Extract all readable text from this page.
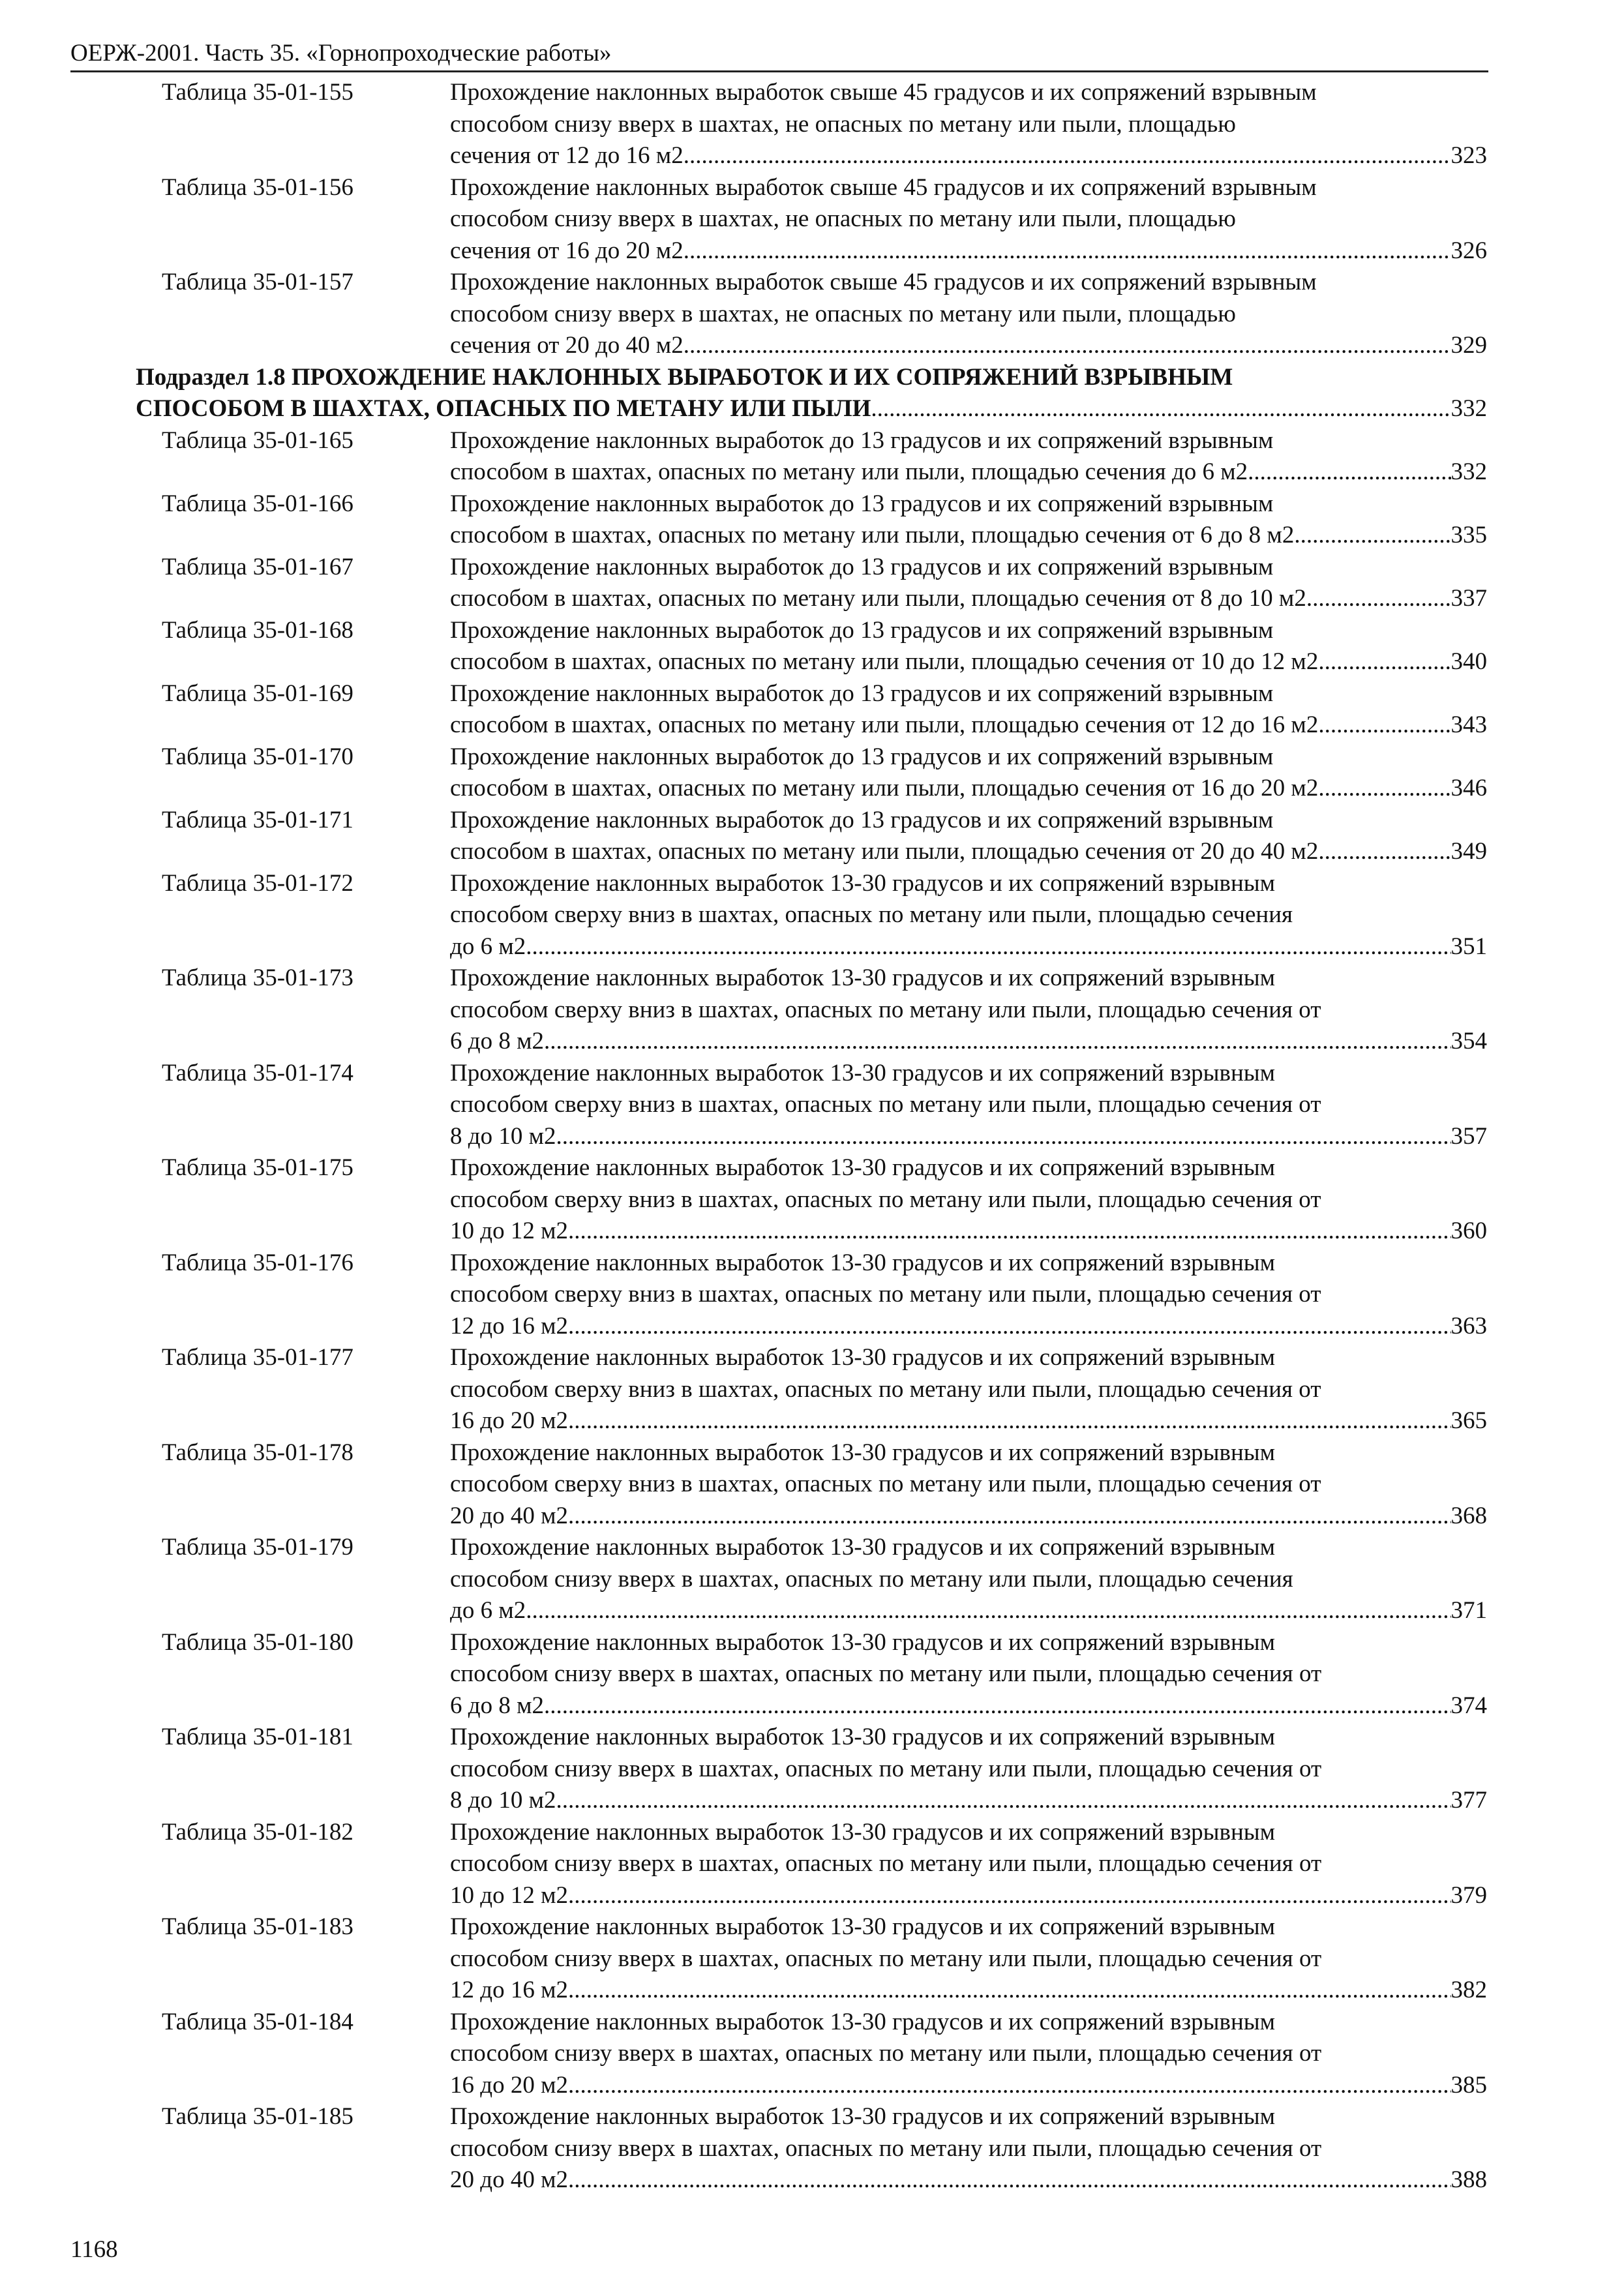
ОЕРЖ-2001. Часть 35. «Горнопроходческие работы»
Таблица 35-01-155	Прохождение наклонных выработок свыше 45 градусов и их сопряжений взрывным
способом снизу вверх в шахтах, не опасных по метану или пыли, площадью
сечения от 12 до 16 м2 .....	323
Таблица 35-01-156	Прохождение наклонных выработок свыше 45 градусов и их сопряжений взрывным
способом снизу вверх в шахтах, не опасных по метану или пыли, площадью
сечения от 16 до 20 м2 .....	326
Таблица 35-01-157	Прохождение наклонных выработок свыше 45 градусов и их сопряжений взрывным
способом снизу вверх в шахтах, не опасных по метану или пыли, площадью
сечения от 20 до 40 м2 .....	329
Подраздел 1.8 ПРОХОЖДЕНИЕ НАКЛОННЫХ ВЫРАБОТОК И ИХ СОПРЯЖЕНИЙ ВЗРЫВНЫМ
СПОСОБОМ В ШАХТАХ, ОПАСНЫХ ПО МЕТАНУ ИЛИ ПЫЛИ .....	332
Таблица 35-01-165	Прохождение наклонных выработок до 13 градусов и их сопряжений взрывным
способом в шахтах, опасных по метану или пыли, площадью сечения до 6 м2 .....	332
Таблица 35-01-166	Прохождение наклонных выработок до 13 градусов и их сопряжений взрывным
способом в шахтах, опасных по метану или пыли, площадью сечения от 6 до 8 м2 .....	335
Таблица 35-01-167	Прохождение наклонных выработок до 13 градусов и их сопряжений взрывным
способом в шахтах, опасных по метану или пыли, площадью сечения от 8 до 10 м2 .....	337
Таблица 35-01-168	Прохождение наклонных выработок до 13 градусов и их сопряжений взрывным
способом в шахтах, опасных по метану или пыли, площадью сечения от 10 до 12 м2 .....	340
Таблица 35-01-169	Прохождение наклонных выработок до 13 градусов и их сопряжений взрывным
способом в шахтах, опасных по метану или пыли, площадью сечения от 12 до 16 м2 .....	343
Таблица 35-01-170	Прохождение наклонных выработок до 13 градусов и их сопряжений взрывным
способом в шахтах, опасных по метану или пыли, площадью сечения от 16 до 20 м2 .....	346
Таблица 35-01-171	Прохождение наклонных выработок до 13 градусов и их сопряжений взрывным
способом в шахтах, опасных по метану или пыли, площадью сечения от 20 до 40 м2 .....	349
Таблица 35-01-172	Прохождение наклонных выработок 13-30 градусов и их сопряжений взрывным
способом сверху вниз в шахтах, опасных по метану или пыли, площадью сечения
до 6 м2 .....	351
Таблица 35-01-173	Прохождение наклонных выработок 13-30 градусов и их сопряжений взрывным
способом сверху вниз в шахтах, опасных по метану или пыли, площадью сечения от
6 до 8 м2 .....	354
Таблица 35-01-174	Прохождение наклонных выработок 13-30 градусов и их сопряжений взрывным
способом сверху вниз в шахтах, опасных по метану или пыли, площадью сечения от
8 до 10 м2 .....	357
Таблица 35-01-175	Прохождение наклонных выработок 13-30 градусов и их сопряжений взрывным
способом сверху вниз в шахтах, опасных по метану или пыли, площадью сечения от
10 до 12 м2 .....	360
Таблица 35-01-176	Прохождение наклонных выработок 13-30 градусов и их сопряжений взрывным
способом сверху вниз в шахтах, опасных по метану или пыли, площадью сечения от
12 до 16 м2 .....	363
Таблица 35-01-177	Прохождение наклонных выработок 13-30 градусов и их сопряжений взрывным
способом сверху вниз в шахтах, опасных по метану или пыли, площадью сечения от
16 до 20 м2 .....	365
Таблица 35-01-178	Прохождение наклонных выработок 13-30 градусов и их сопряжений взрывным
способом сверху вниз в шахтах, опасных по метану или пыли, площадью сечения от
20 до 40 м2 .....	368
Таблица 35-01-179	Прохождение наклонных выработок 13-30 градусов и их сопряжений взрывным
способом снизу вверх в шахтах, опасных по метану или пыли, площадью сечения
до 6 м2 .....	371
Таблица 35-01-180	Прохождение наклонных выработок 13-30 градусов и их сопряжений взрывным
способом снизу вверх в шахтах, опасных по метану или пыли, площадью сечения от
6 до 8 м2 .....	374
Таблица 35-01-181	Прохождение наклонных выработок 13-30 градусов и их сопряжений взрывным
способом снизу вверх в шахтах, опасных по метану или пыли, площадью сечения от
8 до 10 м2 .....	377
Таблица 35-01-182	Прохождение наклонных выработок 13-30 градусов и их сопряжений взрывным
способом снизу вверх в шахтах, опасных по метану или пыли, площадью сечения от
10 до 12 м2 .....	379
Таблица 35-01-183	Прохождение наклонных выработок 13-30 градусов и их сопряжений взрывным
способом снизу вверх в шахтах, опасных по метану или пыли, площадью сечения от
12 до 16 м2 .....	382
Таблица 35-01-184	Прохождение наклонных выработок 13-30 градусов и их сопряжений взрывным
способом снизу вверх в шахтах, опасных по метану или пыли, площадью сечения от
16 до 20 м2 .....	385
Таблица 35-01-185	Прохождение наклонных выработок 13-30 градусов и их сопряжений взрывным
способом снизу вверх в шахтах, опасных по метану или пыли, площадью сечения от
20 до 40 м2 .....	388
1168
